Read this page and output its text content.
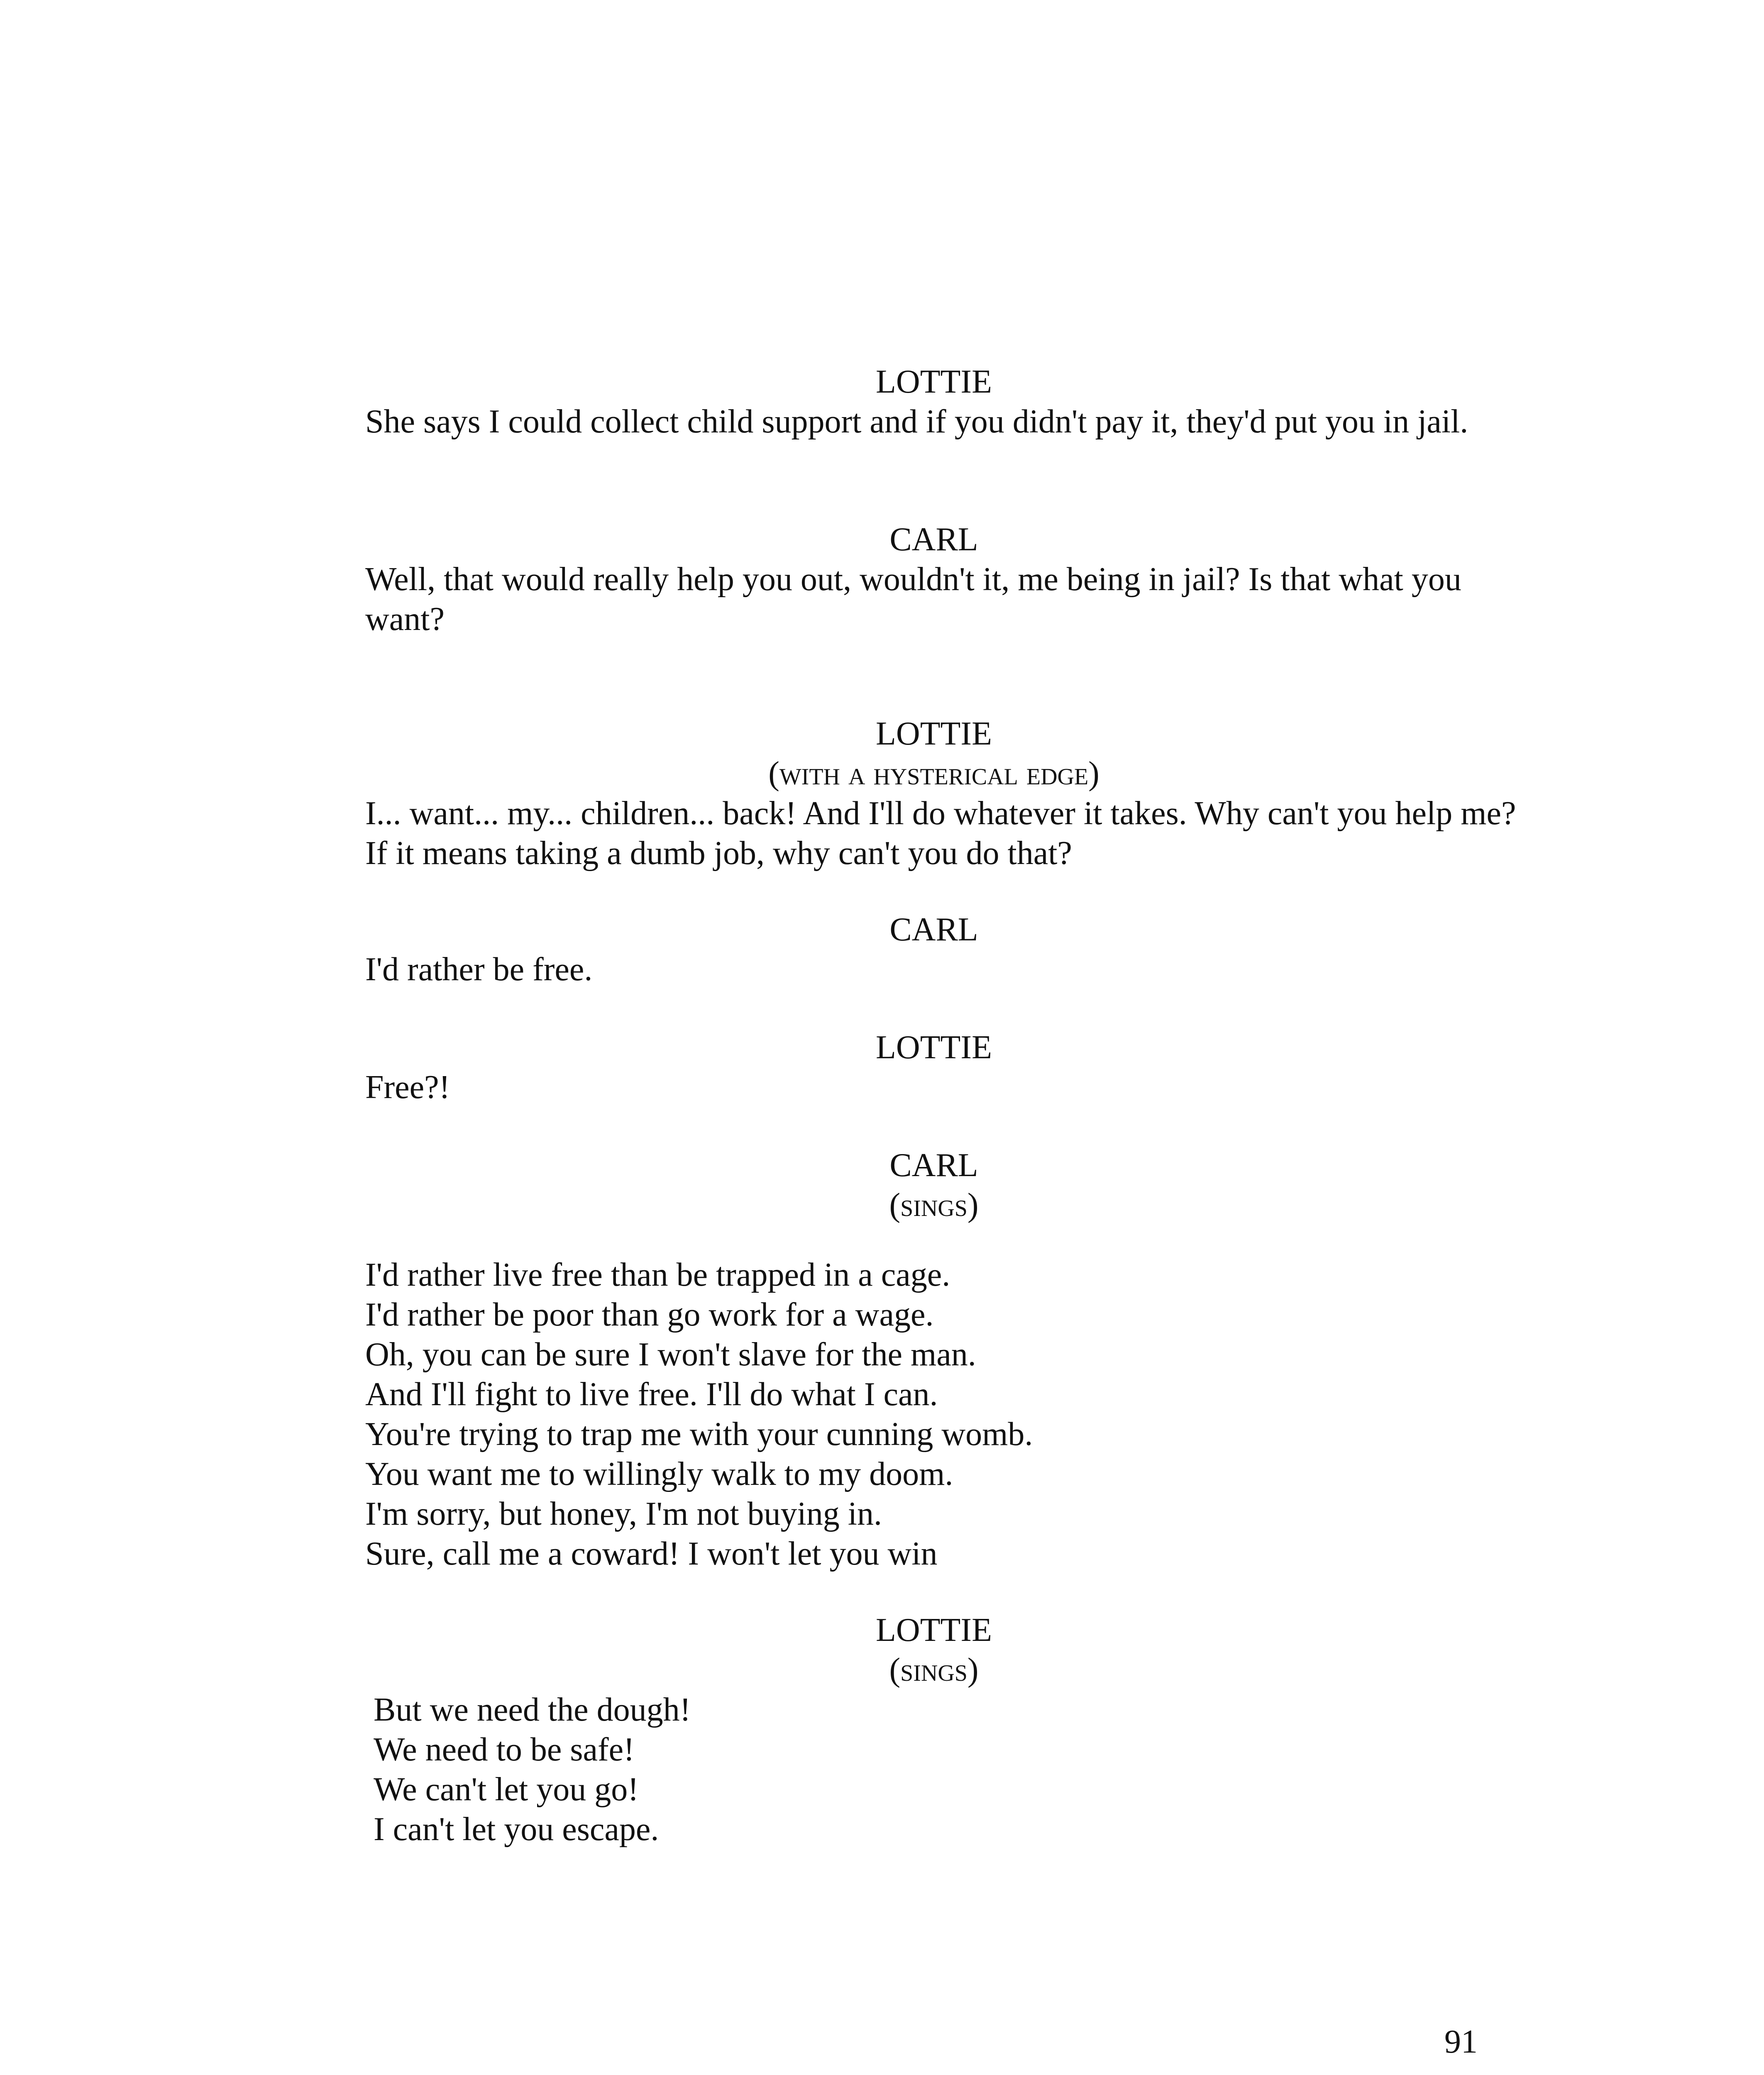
LOTTIE
She says I could collect child support and if you didn't pay it, they'd put you in jail.
CARL
Well, that would really help you out, wouldn't it, me being in jail? Is that what you want?
LOTTIE
(with a hysterical edge)
I... want... my... children... back! And I'll do whatever it takes. Why can't you help me? If it means taking a dumb job, why can't you do that?
CARL
I'd rather be free.
LOTTIE
Free?!
CARL
(sings)
I'd rather live free than be trapped in a cage.
I'd rather be poor than go work for a wage.
Oh, you can be sure I won't slave for the man.
And I'll fight to live free. I'll do what I can.
You're trying to trap me with your cunning womb.
You want me to willingly walk to my doom.
I'm sorry, but honey, I'm not buying in.
Sure, call me a coward! I won't let you win
LOTTIE
(sings)
But we need the dough!
We need to be safe!
We can't let you go!
I can't let you escape.
91
